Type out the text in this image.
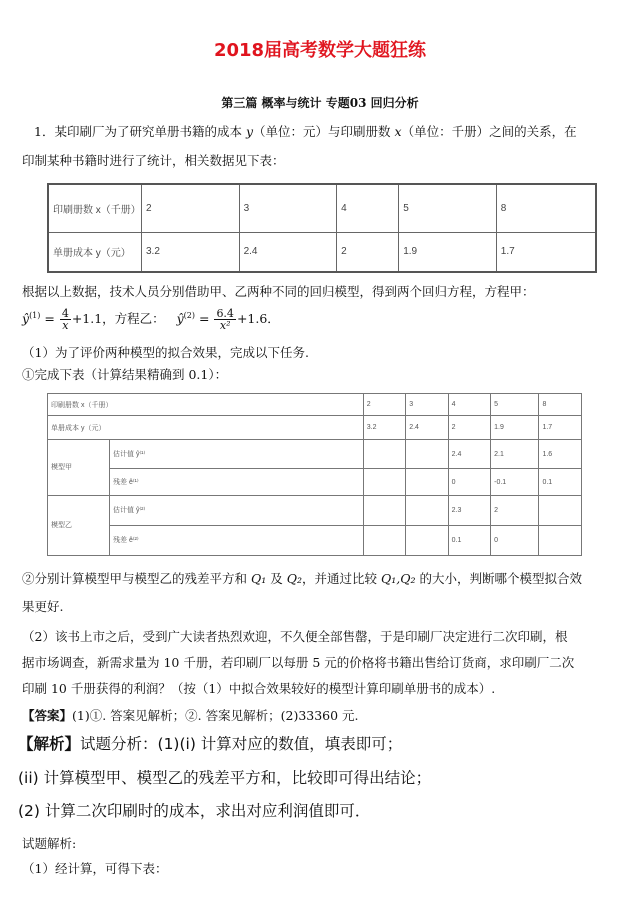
2018届高考数学大题狂练
第三篇 概率与统计 专题03 回归分析
1．某印刷厂为了研究单册书籍的成本 y（单位：元）与印刷册数 x（单位：千册）之间的关系，在
印制某种书籍时进行了统计，相关数据见下表：
印刷册数 x（千册）	2	3	4	5	8
单册成本 y（元）	3.2	2.4	2	1.9	1.7
根据以上数据，技术人员分别借助甲、乙两种不同的回归模型，得到两个回归方程，方程甲：
$ŷ^{(1)} = \frac{4}{x} +1.1$，方程乙： $ŷ^{(2)} = \frac{6.4}{\text{x²}} +1.6$．
（1）为了评价两种模型的拟合效果，完成以下任务.
①完成下表（计算结果精确到 0.1）：
印刷册数 x（千册）		2	3	4	5	8
单册成本 y（元）		3.2	2.4	2	1.9	1.7
模型甲	估计值 ŷ⁽¹⁾			2.4	2.1	1.6
	残差 ê⁽¹⁾			0	-0.1	0.1
模型乙	估计值 ŷ⁽²⁾			2.3	2	
	残差 ê⁽²⁾			0.1	0	
②分别计算模型甲与模型乙的残差平方和 Q₁ 及 Q₂，并通过比较 Q₁,Q₂ 的大小，判断哪个模型拟合效
果更好.
（2）该书上市之后，受到广大读者热烈欢迎，不久便全部售罄，于是印刷厂决定进行二次印刷，根
据市场调查，新需求量为 10 千册，若印刷厂以每册 5 元的价格将书籍出售给订货商，求印刷厂二次
印刷 10 千册获得的利润？（按（1）中拟合效果较好的模型计算印刷单册书的成本）.
【答案】(1)①. 答案见解析；②. 答案见解析；(2)33360 元.
【解析】试题分析：(1)(i) 计算对应的数值，填表即可；
(ii) 计算模型甲、模型乙的残差平方和，比较即可得出结论；
(2) 计算二次印刷时的成本，求出对应利润值即可．
试题解析:
（1）经计算，可得下表：
